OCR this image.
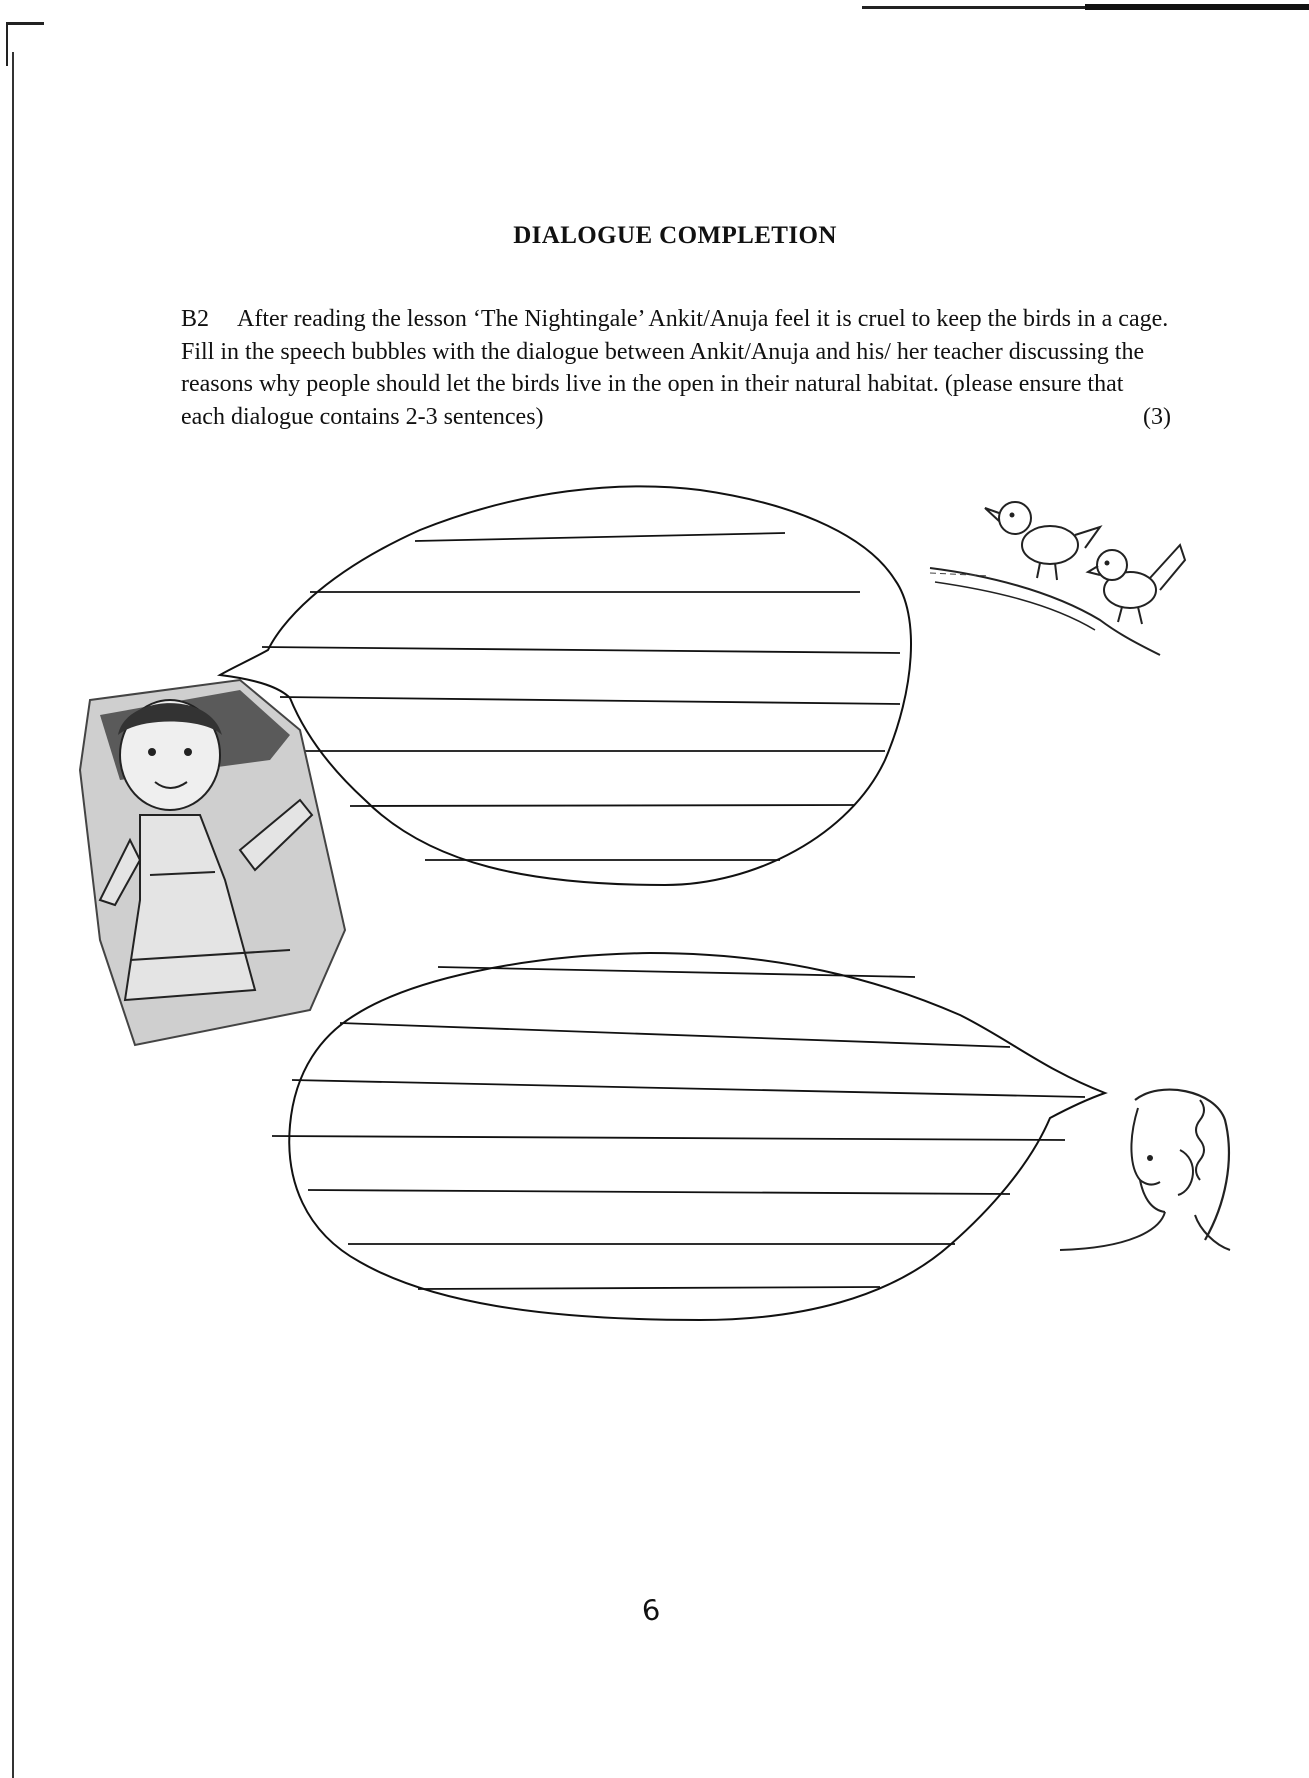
DIALOGUE COMPLETION
B2 After reading the lesson ‘The Nightingale’ Ankit/Anuja feel it is cruel to keep the birds in a cage. Fill in the speech bubbles with the dialogue between Ankit/Anuja and his/ her teacher discussing the reasons why people should let the birds live in the open in their natural habitat. (please ensure that each dialogue contains 2-3 sentences)	(3)
6
